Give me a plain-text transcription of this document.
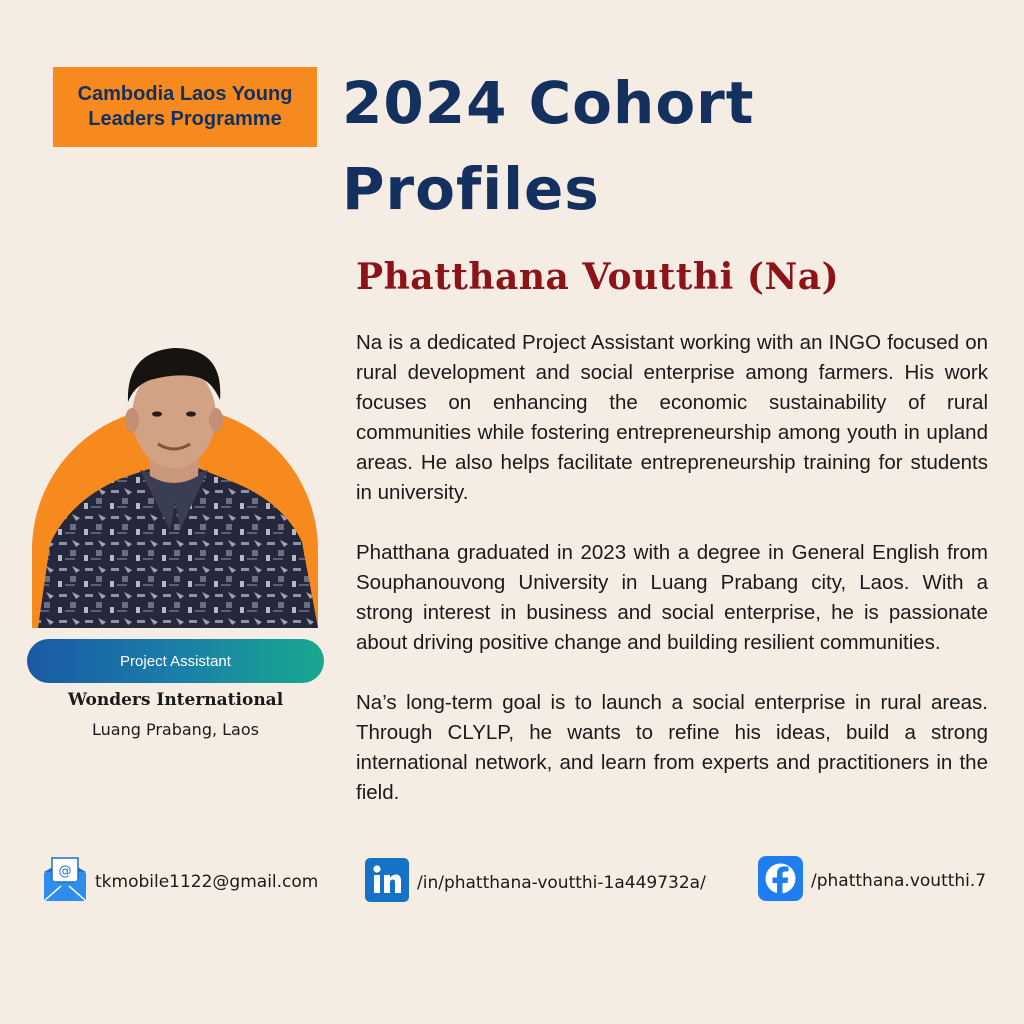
Cambodia Laos Young
Leaders Programme 2024 Cohort
Profiles
Phatthana Voutthi (Na)

Na is a dedicated Project Assistant working with an INGO focused on rural development and social enterprise among farmers. His work focuses on enhancing the economic sustainability of rural communities while fostering entrepreneurship among youth in upland areas. He also helps facilitate entrepreneurship training for students in university.

Phatthana graduated in 2023 with a degree in General English from Souphanouvong University in Luang Prabang city, Laos. With a strong interest in business and social enterprise, he is passionate about driving positive change and building resilient communities.

Na’s long-term goal is to launch a social enterprise in rural areas. Through CLYLP, he wants to refine his ideas, build a strong international network, and learn from experts and practitioners in the field.

Project Assistant
Wonders International
Luang Prabang, Laos
@ tkmobile1122@gmail.com	/in/phatthana-voutthi-1a449732a/	/phatthana.voutthi.7
